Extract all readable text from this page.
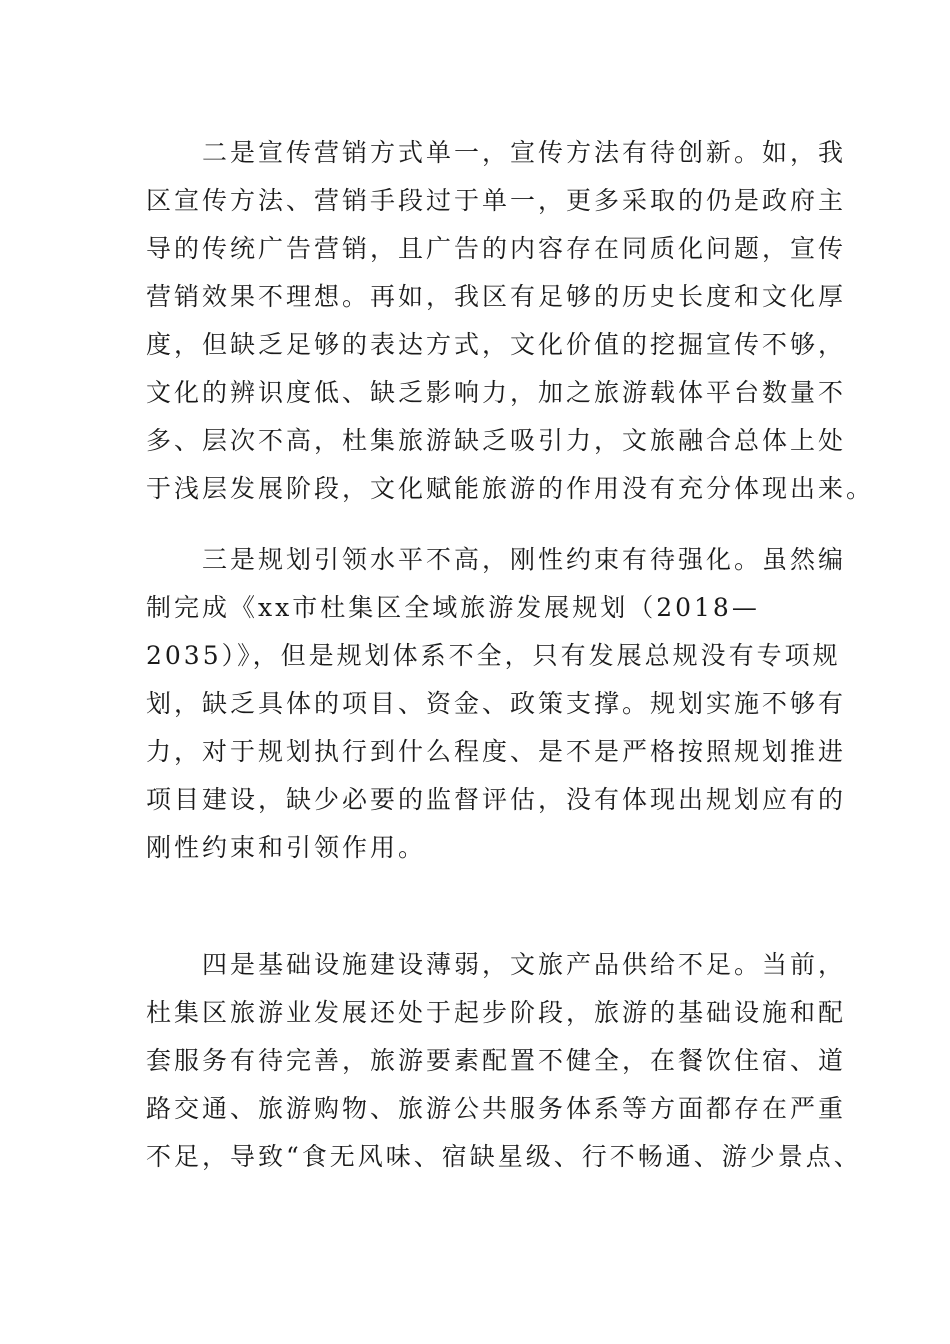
二是宣传营销方式单一，宣传方法有待创新。如，我
区宣传方法、营销手段过于单一，更多采取的仍是政府主
导的传统广告营销，且广告的内容存在同质化问题，宣传
营销效果不理想。再如，我区有足够的历史长度和文化厚
度，但缺乏足够的表达方式，文化价值的挖掘宣传不够，
文化的辨识度低、缺乏影响力，加之旅游载体平台数量不
多、层次不高，杜集旅游缺乏吸引力，文旅融合总体上处
于浅层发展阶段，文化赋能旅游的作用没有充分体现出来。

三是规划引领水平不高，刚性约束有待强化。虽然编
制完成《xx市杜集区全域旅游发展规划（2018—
2035）》，但是规划体系不全，只有发展总规没有专项规
划，缺乏具体的项目、资金、政策支撑。规划实施不够有
力，对于规划执行到什么程度、是不是严格按照规划推进
项目建设，缺少必要的监督评估，没有体现出规划应有的
刚性约束和引领作用。

四是基础设施建设薄弱，文旅产品供给不足。当前，
杜集区旅游业发展还处于起步阶段，旅游的基础设施和配
套服务有待完善，旅游要素配置不健全，在餐饮住宿、道
路交通、旅游购物、旅游公共服务体系等方面都存在严重
不足，导致“食无风味、宿缺星级、行不畅通、游少景点、
